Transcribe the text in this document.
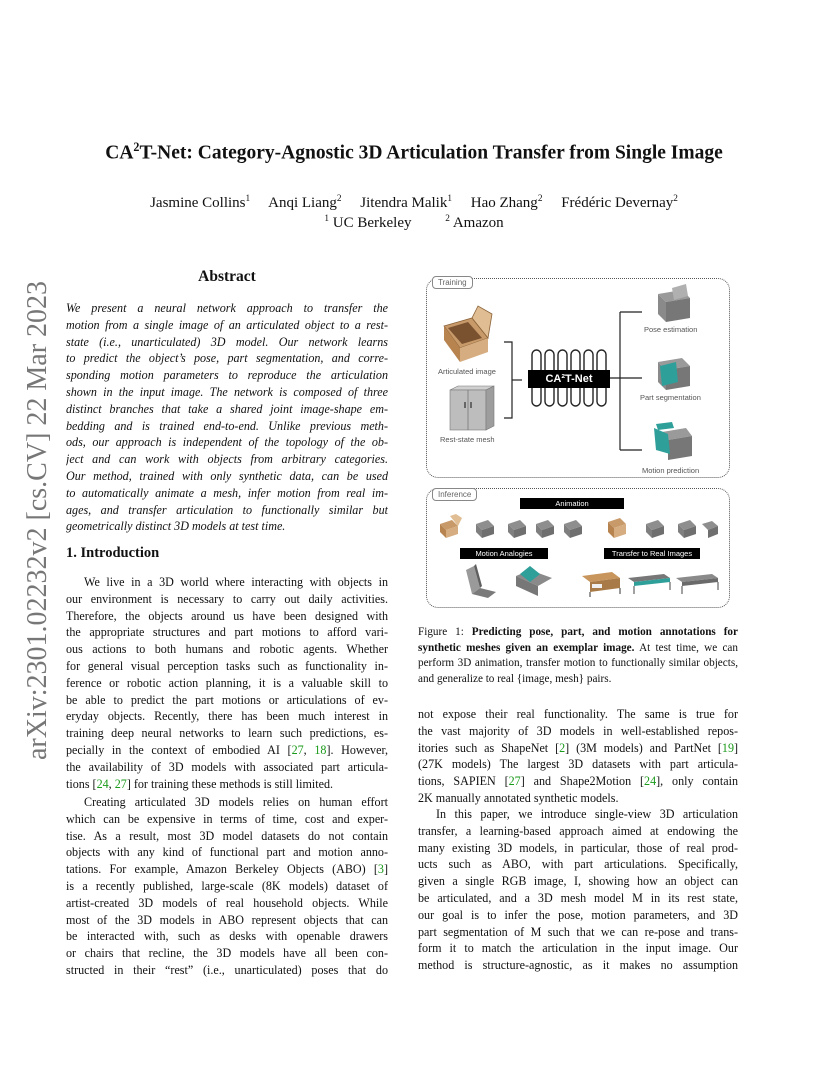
arXiv:2301.02232v2 [cs.CV] 22 Mar 2023
$CA^2T$-Net: Category-Agnostic 3D Articulation Transfer from Single Image
Jasmine Collins$^1$ Anqi Liang$^2$ Jitendra Malik$^1$ Hao Zhang$^2$ Frédéric Devernay$^2$
$^1$ UC Berkeley	$^2$ Amazon
Abstract
We present a neural network approach to transfer the
motion from a single image of an articulated object to a rest-
state (i.e., unarticulated) 3D model. Our network learns
to predict the object’s pose, part segmentation, and corre-
sponding motion parameters to reproduce the articulation
shown in the input image. The network is composed of three
distinct branches that take a shared joint image-shape em-
bedding and is trained end-to-end. Unlike previous meth-
ods, our approach is independent of the topology of the ob-
ject and can work with objects from arbitrary categories.
Our method, trained with only synthetic data, can be used
to automatically animate a mesh, infer motion from real im-
ages, and transfer articulation to functionally similar but
geometrically distinct 3D models at test time.
1. Introduction
We live in a 3D world where interacting with objects in
our environment is necessary to carry out daily activities.
Therefore, the objects around us have been designed with
the appropriate structures and part motions to afford vari-
ous actions to both humans and robotic agents. Whether
for general visual perception tasks such as functionality in-
ference or robotic action planning, it is a valuable skill to
be able to predict the part motions or articulations of ev-
eryday objects. Recently, there has been much interest in
training deep neural networks to learn such predictions, es-
pecially in the context of embodied AI [27, 18]. However,
the availability of 3D models with associated part articula-
tions [24, 27] for training these methods is still limited.
Creating articulated 3D models relies on human effort
which can be expensive in terms of time, cost and exper-
tise. As a result, most 3D model datasets do not contain
objects with any kind of functional part and motion anno-
tations. For example, Amazon Berkeley Objects (ABO) [3]
is a recently published, large-scale (8K models) dataset of
artist-created 3D models of real household objects. While
most of the 3D models in ABO represent objects that can
be interacted with, such as desks with openable drawers
or chairs that recline, the 3D models have all been con-
structed in their “rest” (i.e., unarticulated) poses that do
Training
Articulated image
Rest-state mesh
CA²T-Net
Pose estimation
Part segmentation
Motion prediction
Inference
Animation
Motion Analogies	Transfer to Real Images
Figure 1: Predicting pose, part, and motion annotations for synthetic meshes given an exemplar image. At test time, we can perform 3D animation, transfer motion to functionally similar objects, and generalize to real {image, mesh} pairs.
not expose their real functionality. The same is true for
the vast majority of 3D models in well-established repos-
itories such as ShapeNet [2] (3M models) and PartNet [19]
(27K models) The largest 3D datasets with part articula-
tions, SAPIEN [27] and Shape2Motion [24], only contain
2K manually annotated synthetic models.
In this paper, we introduce single-view 3D articulation
transfer, a learning-based approach aimed at endowing the
many existing 3D models, in particular, those of real prod-
ucts such as ABO, with part articulations. Specifically,
given a single RGB image, I, showing how an object can
be articulated, and a 3D mesh model M in its rest state,
our goal is to infer the pose, motion parameters, and 3D
part segmentation of M such that we can re-pose and trans-
form it to match the articulation in the input image. Our
method is structure-agnostic, as it makes no assumption
